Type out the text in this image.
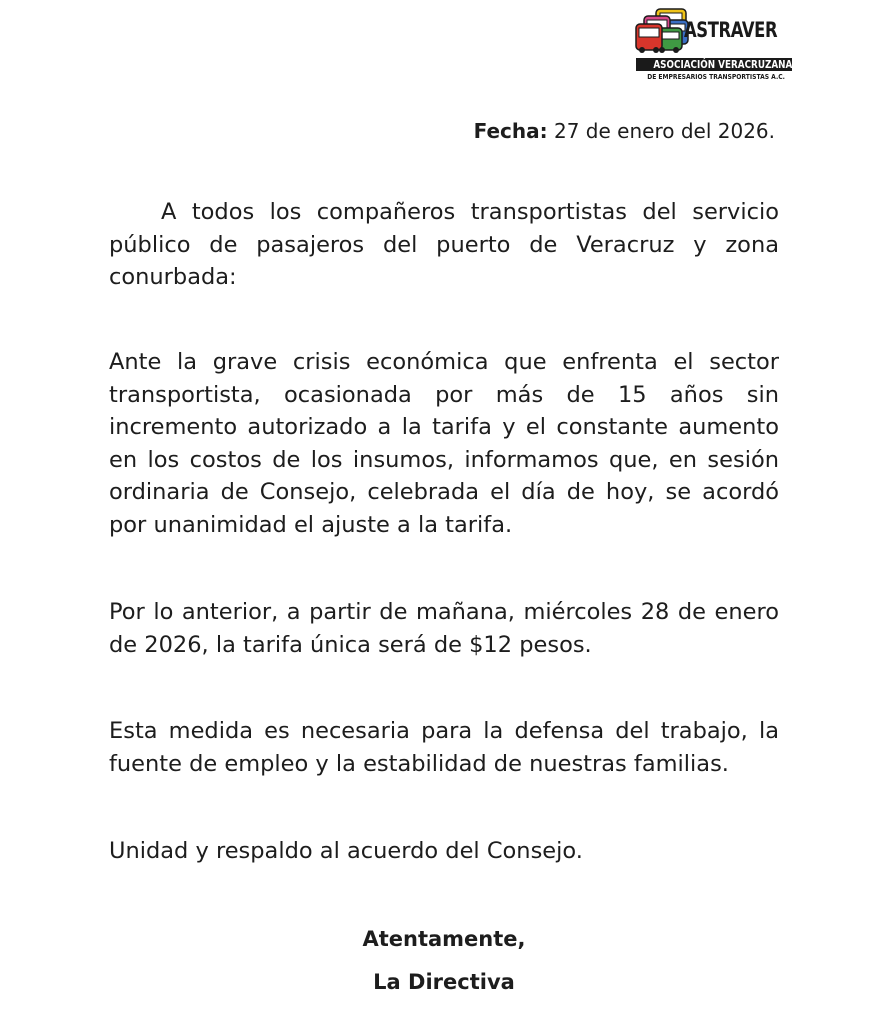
ASTRAVER
ASOCIACIÓN VERACRUZANA
DE EMPRESARIOS TRANSPORTISTAS A.C.
Fecha: 27 de enero del 2026.

A todos los compañeros transportistas del servicio público de pasajeros del puerto de Veracruz y zona conurbada:

Ante la grave crisis económica que enfrenta el sector transportista, ocasionada por más de 15 años sin incremento autorizado a la tarifa y el constante aumento en los costos de los insumos, informamos que, en sesión ordinaria de Consejo, celebrada el día de hoy, se acordó por unanimidad el ajuste a la tarifa.

Por lo anterior, a partir de mañana, miércoles 28 de enero de 2026, la tarifa única será de $12 pesos.

Esta medida es necesaria para la defensa del trabajo, la fuente de empleo y la estabilidad de nuestras familias.

Unidad y respaldo al acuerdo del Consejo.

Atentamente,
La Directiva
